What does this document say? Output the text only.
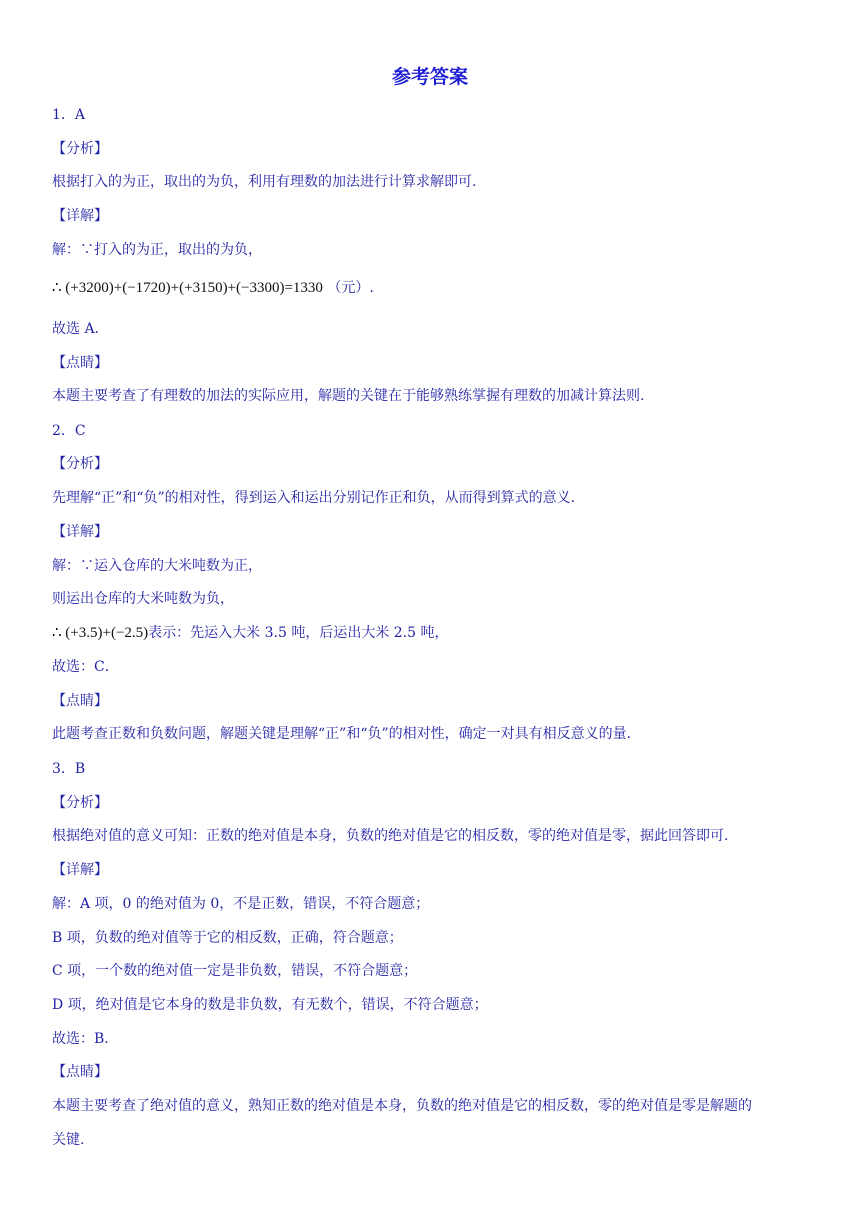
参考答案
1．A
【分析】
根据打入的为正，取出的为负，利用有理数的加法进行计算求解即可.
【详解】
解：∵打入的为正，取出的为负，
∴ (+3200)+(−1720)+(+3150)+(−3300)=1330 （元）.
故选 A．
【点睛】
本题主要考查了有理数的加法的实际应用，解题的关键在于能够熟练掌握有理数的加减计算法则.
2．C
【分析】
先理解“正”和“负”的相对性，得到运入和运出分别记作正和负，从而得到算式的意义.
【详解】
解：∵运入仓库的大米吨数为正，
则运出仓库的大米吨数为负，
∴ (+3.5)+(−2.5)表示：先运入大米 3.5 吨，后运出大米 2.5 吨，
故选：C．
【点睛】
此题考查正数和负数问题，解题关键是理解“正”和“负”的相对性，确定一对具有相反意义的量.
3．B
【分析】
根据绝对值的意义可知：正数的绝对值是本身，负数的绝对值是它的相反数，零的绝对值是零，据此回答即可.
【详解】
解：A 项，0 的绝对值为 0，不是正数，错误，不符合题意；
B 项，负数的绝对值等于它的相反数，正确，符合题意；
C 项，一个数的绝对值一定是非负数，错误，不符合题意；
D 项，绝对值是它本身的数是非负数，有无数个，错误，不符合题意；
故选：B．
【点睛】
本题主要考查了绝对值的意义，熟知正数的绝对值是本身，负数的绝对值是它的相反数，零的绝对值是零是解题的
关键.
